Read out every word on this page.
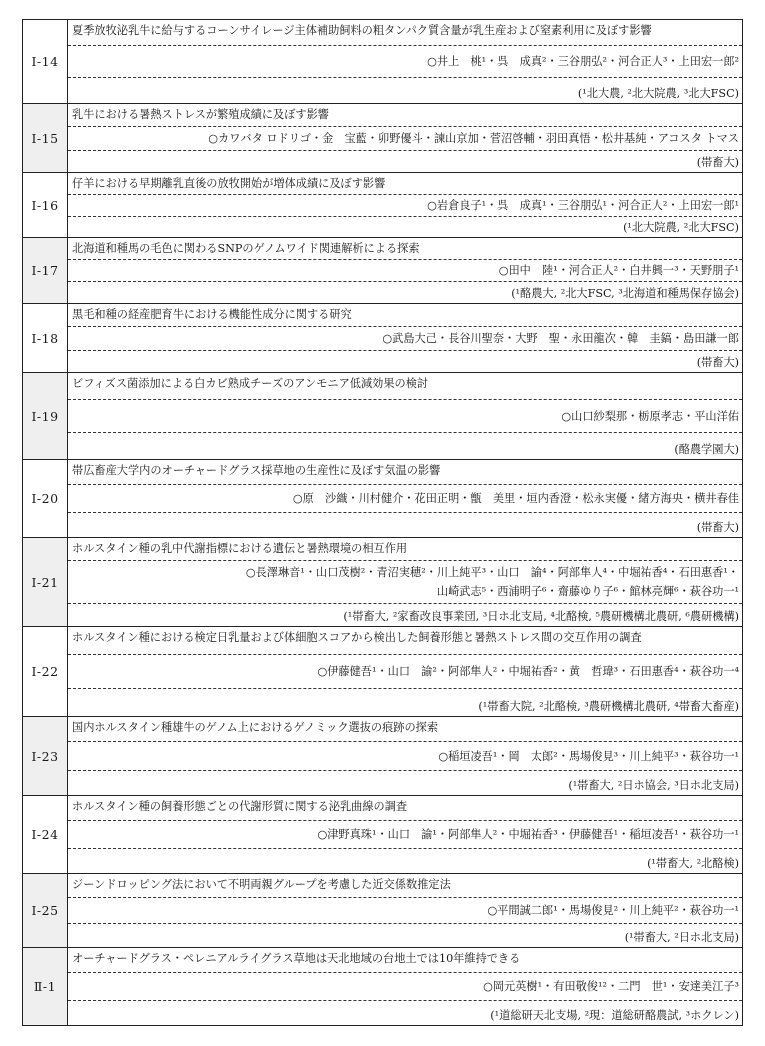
Ⅰ-14	夏季放牧泌乳牛に給与するコーンサイレージ主体補助飼料の粗タンパク質含量が乳生産および窒素利用に及ぼす影響
○井上　桃¹・呉　成真²・三谷朋弘²・河合正人³・上田宏一郎²
(¹北大農, ²北大院農, ³北大FSC)

Ⅰ-15	乳牛における暑熱ストレスが繁殖成績に及ぼす影響
○カワバタ ロドリゴ・金　宝藍・卯野優斗・諫山京加・菅沼啓輔・羽田真悟・松井基純・アコスタ トマス
(帯畜大)

Ⅰ-16	仔羊における早期離乳直後の放牧開始が増体成績に及ぼす影響
○岩倉良子¹・呉　成真¹・三谷朋弘¹・河合正人²・上田宏一郎¹
(¹北大院農, ²北大FSC)

Ⅰ-17	北海道和種馬の毛色に関わるSNPのゲノムワイド関連解析による探索
○田中　陸¹・河合正人²・白井興一³・天野朋子¹
(¹酪農大, ²北大FSC, ³北海道和種馬保存協会)

Ⅰ-18	黒毛和種の経産肥育牛における機能性成分に関する研究
○武島大己・長谷川聖奈・大野　聖・永田龍次・韓　圭鎬・島田謙一郎
(帯畜大)

Ⅰ-19	ビフィズス菌添加による白カビ熟成チーズのアンモニア低減効果の検討
○山口紗梨那・栃原孝志・平山洋佑
(酪農学園大)

Ⅰ-20	帯広畜産大学内のオーチャードグラス採草地の生産性に及ぼす気温の影響
○原　沙織・川村健介・花田正明・甑　美里・垣内香澄・松永実優・緒方海央・横井春佳
(帯畜大)

Ⅰ-21	ホルスタイン種の乳中代謝指標における遺伝と暑熱環境の相互作用
○長澤琳音¹・山口茂樹²・青沼実穂²・川上純平³・山口　諭⁴・阿部隼人⁴・中堀祐香⁴・石田惠香¹・
山崎武志⁵・西浦明子⁶・齋藤ゆり子⁶・館林亮輝⁶・萩谷功一¹
(¹帯畜大, ²家畜改良事業団, ³日ホ北支局, ⁴北酪検, ⁵農研機構北農研, ⁶農研機構)

Ⅰ-22	ホルスタイン種における検定日乳量および体細胞スコアから検出した飼養形態と暑熱ストレス間の交互作用の調査
○伊藤健吾¹・山口　諭²・阿部隼人²・中堀祐香²・黄　哲瑋³・石田惠香⁴・萩谷功一⁴
(¹帯畜大院, ²北酪検, ³農研機構北農研, ⁴帯畜大畜産)

Ⅰ-23	国内ホルスタイン種雄牛のゲノム上におけるゲノミック選抜の痕跡の探索
○稲垣凌吾¹・岡　太郎²・馬場俊見³・川上純平³・萩谷功一¹
(¹帯畜大, ²日ホ協会, ³日ホ北支局)

Ⅰ-24	ホルスタイン種の飼養形態ごとの代謝形質に関する泌乳曲線の調査
○津野真珠¹・山口　諭¹・阿部隼人²・中堀祐香³・伊藤健吾¹・稲垣凌吾¹・萩谷功一¹
(¹帯畜大, ²北酪検)

Ⅰ-25	ジーンドロッピング法において不明両親グループを考慮した近交係数推定法
○平間誠二郎¹・馬場俊見²・川上純平²・萩谷功一¹
(¹帯畜大, ²日ホ北支局)

Ⅱ-1	オーチャードグラス・ペレニアルライグラス草地は天北地域の台地土では10年維持できる
○岡元英樹¹・有田敬俊¹²・二門　世¹・安達美江子³
(¹道総研天北支場, ²現：道総研酪農試, ³ホクレン)
